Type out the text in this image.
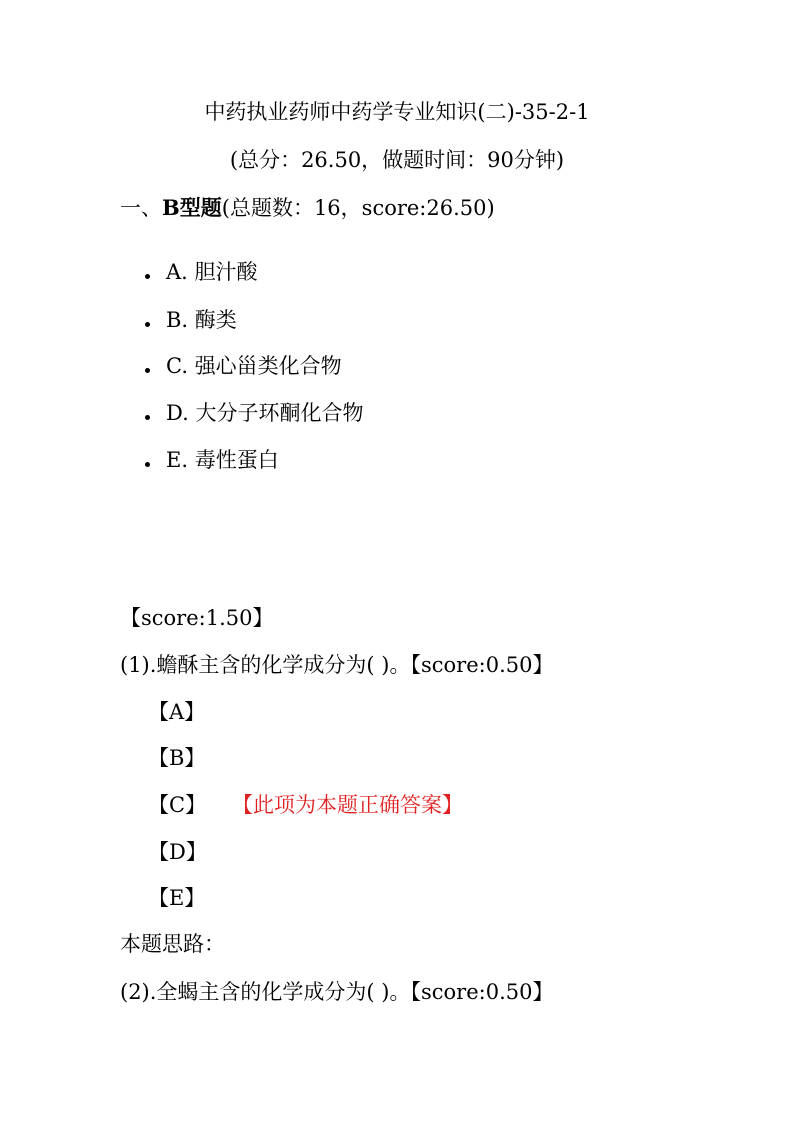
中药执业药师中药学专业知识(二)-35-2-1
(总分：26.50，做题时间：90分钟)
一、B型题(总题数：16，score:26.50)
A. 胆汁酸
B. 酶类
C. 强心甾类化合物
D. 大分子环酮化合物
E. 毒性蛋白
【score:1.50】
(1).蟾酥主含的化学成分为( )。【score:0.50】
【A】
【B】
【C】 【此项为本题正确答案】
【D】
【E】
本题思路：
(2).全蝎主含的化学成分为( )。【score:0.50】
